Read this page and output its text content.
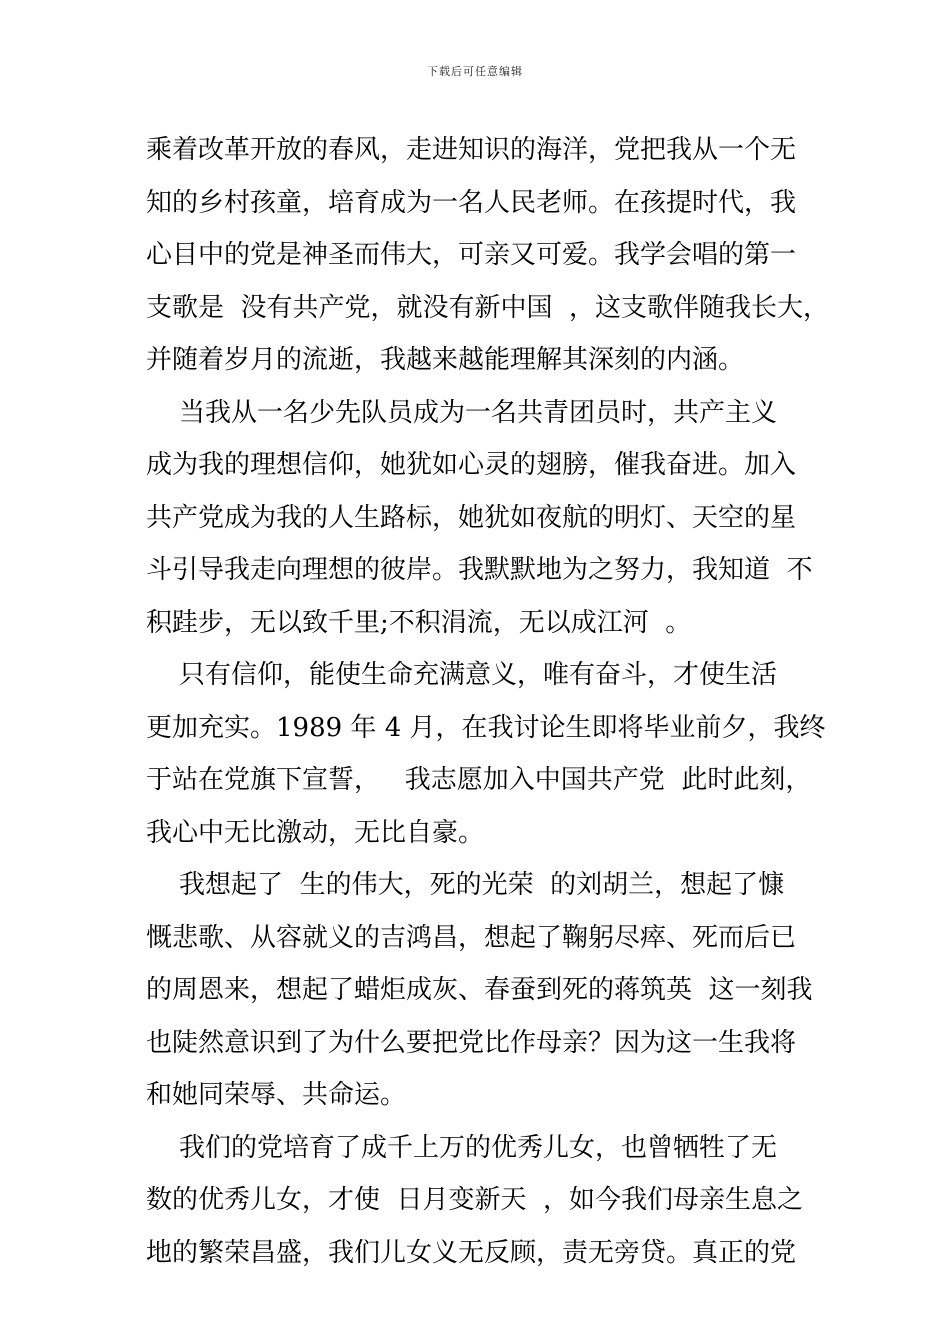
下载后可任意编辑
乘着改革开放的春风，走进知识的海洋，党把我从一个无
知的乡村孩童，培育成为一名人民老师。在孩提时代，我
心目中的党是神圣而伟大，可亲又可爱。我学会唱的第一
支歌是  没有共产党，就没有新中国  ，这支歌伴随我长大，
并随着岁月的流逝，我越来越能理解其深刻的内涵。
当我从一名少先队员成为一名共青团员时，共产主义
成为我的理想信仰，她犹如心灵的翅膀，催我奋进。加入
共产党成为我的人生路标，她犹如夜航的明灯、天空的星
斗引导我走向理想的彼岸。我默默地为之努力，我知道  不
积跬步，无以致千里;不积涓流，无以成江河  。
只有信仰，能使生命充满意义，唯有奋斗，才使生活
更加充实。1989 年 4 月，在我讨论生即将毕业前夕，我终
于站在党旗下宣誓，   我志愿加入中国共产党  此时此刻，
我心中无比激动，无比自豪。
我想起了  生的伟大，死的光荣  的刘胡兰，想起了慷
慨悲歌、从容就义的吉鸿昌，想起了鞠躬尽瘁、死而后已
的周恩来，想起了蜡炬成灰、春蚕到死的蒋筑英  这一刻我
也陡然意识到了为什么要把党比作母亲？因为这一生我将
和她同荣辱、共命运。
我们的党培育了成千上万的优秀儿女，也曾牺牲了无
数的优秀儿女，才使  日月变新天  ，如今我们母亲生息之
地的繁荣昌盛，我们儿女义无反顾，责无旁贷。真正的党
